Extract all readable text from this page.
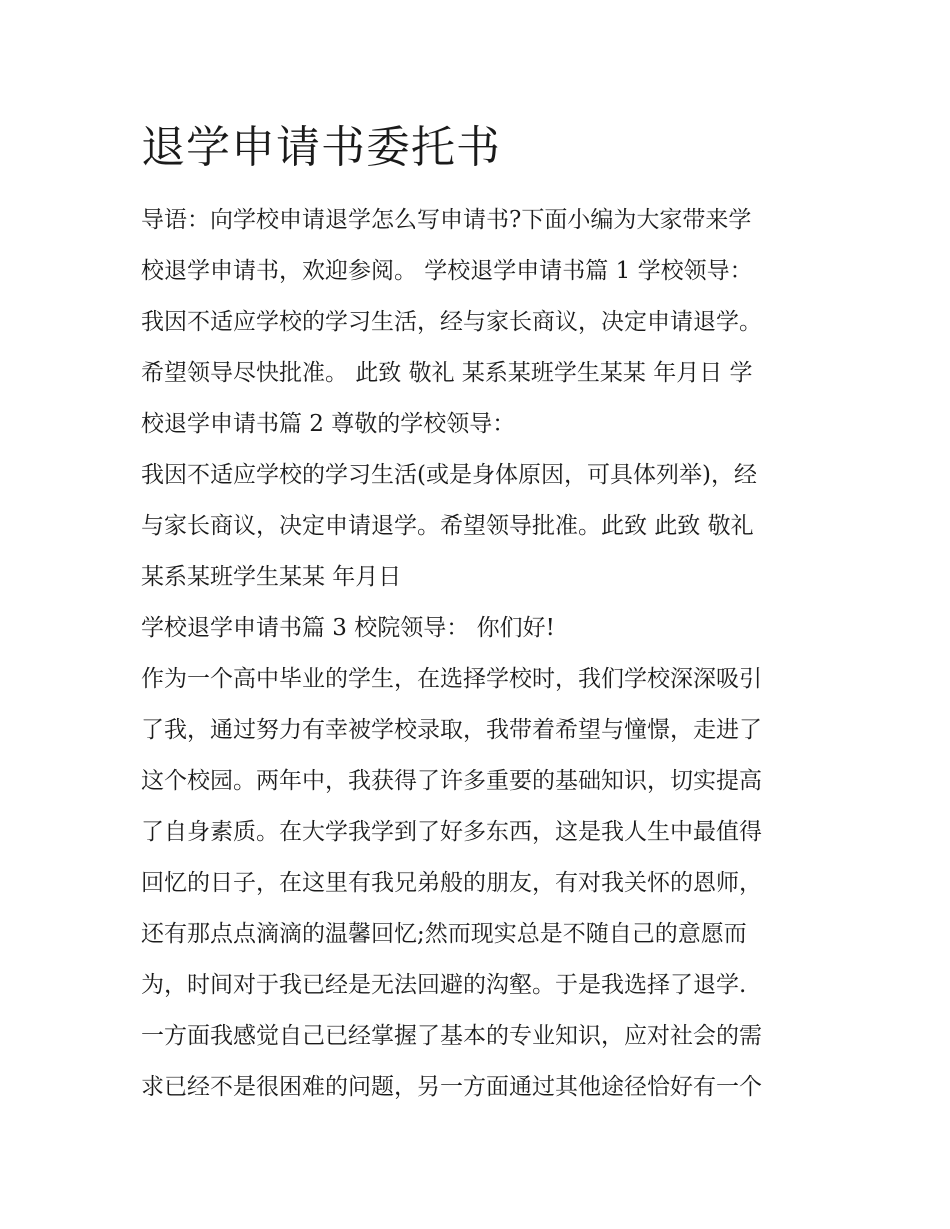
退学申请书委托书
导语：向学校申请退学怎么写申请书?下面小编为大家带来学
校退学申请书，欢迎参阅。 学校退学申请书篇 1 学校领导：
我因不适应学校的学习生活，经与家长商议，决定申请退学。
希望领导尽快批准。 此致 敬礼 某系某班学生某某 年月日 学
校退学申请书篇 2 尊敬的学校领导：
我因不适应学校的学习生活(或是身体原因，可具体列举)，经
与家长商议，决定申请退学。希望领导批准。此致 此致 敬礼
某系某班学生某某 年月日
学校退学申请书篇 3 校院领导： 你们好!
作为一个高中毕业的学生，在选择学校时，我们学校深深吸引
了我，通过努力有幸被学校录取，我带着希望与憧憬，走进了
这个校园。两年中，我获得了许多重要的基础知识，切实提高
了自身素质。在大学我学到了好多东西，这是我人生中最值得
回忆的日子，在这里有我兄弟般的朋友，有对我关怀的恩师，
还有那点点滴滴的温馨回忆;然而现实总是不随自己的意愿而
为，时间对于我已经是无法回避的沟壑。于是我选择了退学.
一方面我感觉自己已经掌握了基本的专业知识，应对社会的需
求已经不是很困难的问题，另一方面通过其他途径恰好有一个
